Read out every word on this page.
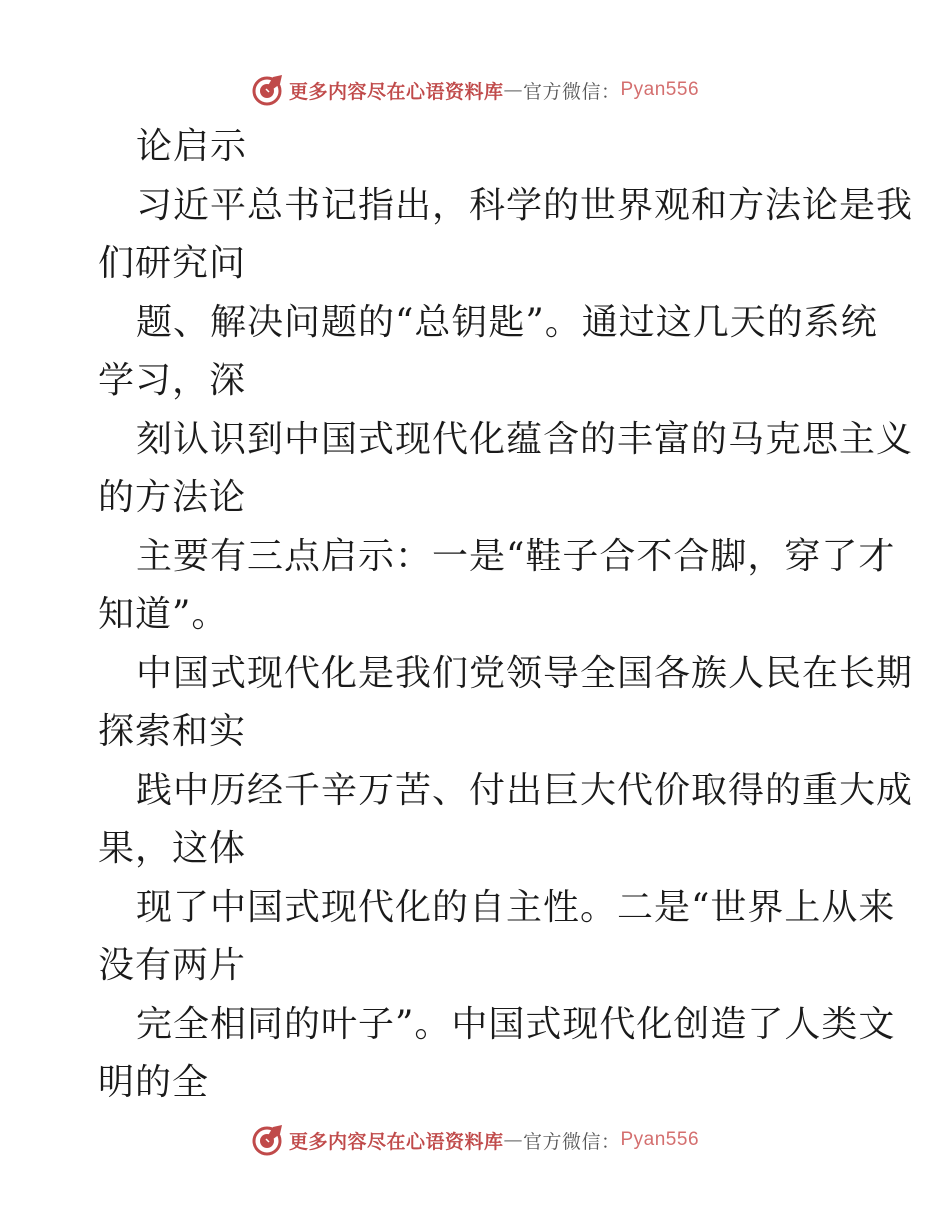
更多内容尽在心语资料库 — 官方微信： Pyan556
论启示
习近平总书记指出，科学的世界观和方法论是我
们研究问
题、解决问题的“总钥匙”。通过这几天的系统
学习，深
刻认识到中国式现代化蕴含的丰富的马克思主义
的方法论
主要有三点启示：一是“鞋子合不合脚，穿了才
知道”。
中国式现代化是我们党领导全国各族人民在长期
探索和实
践中历经千辛万苦、付出巨大代价取得的重大成
果，这体
现了中国式现代化的自主性。二是“世界上从来
没有两片
完全相同的叶子”。中国式现代化创造了人类文
明的全
更多内容尽在心语资料库 — 官方微信： Pyan556
